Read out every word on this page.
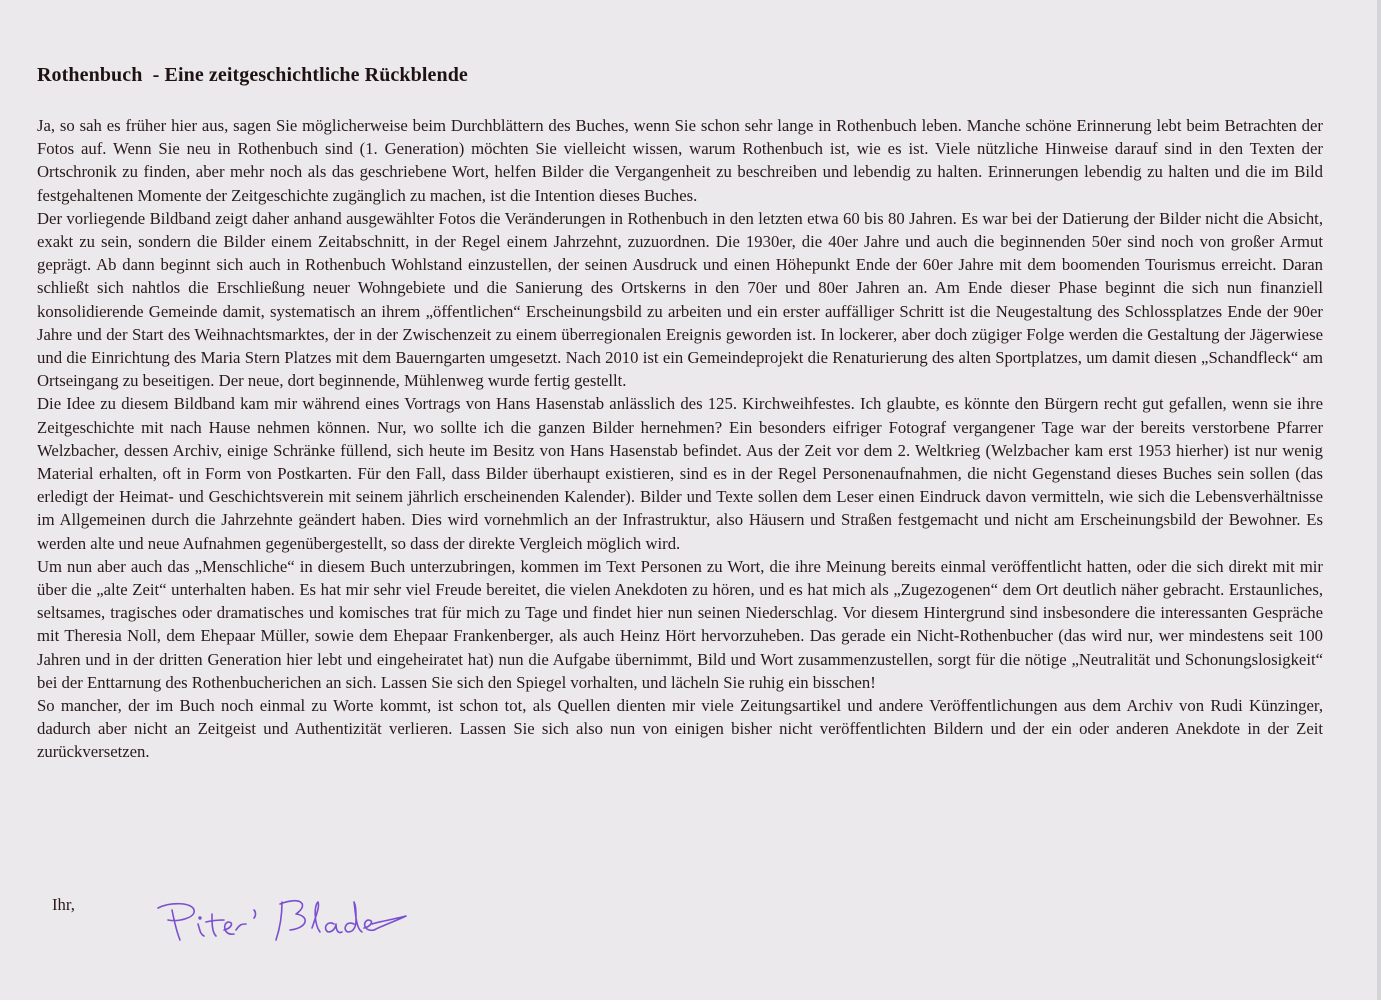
Rothenbuch  - Eine zeitgeschichtliche Rückblende

Ja, so sah es früher hier aus, sagen Sie möglicherweise beim Durchblättern des Buches, wenn Sie schon sehr lange in Rothenbuch leben. Manche schöne Erinnerung lebt beim Betrachten der Fotos auf. Wenn Sie neu in Rothenbuch sind (1. Generation) möchten Sie vielleicht wissen, warum Rothenbuch ist, wie es ist. Viele nützliche Hinweise darauf sind in den Texten der Ortschronik zu finden, aber mehr noch als das geschriebene Wort, helfen Bilder die Vergangenheit zu beschreiben und lebendig zu halten. Erinnerungen lebendig zu halten und die im Bild festgehaltenen Momente der Zeitgeschichte zugänglich zu machen, ist die Intention dieses Buches.

Der vorliegende Bildband zeigt daher anhand ausgewählter Fotos die Veränderungen in Rothenbuch in den letzten etwa 60 bis 80 Jahren. Es war bei der Datierung der Bilder nicht die Absicht, exakt zu sein, sondern die Bilder einem Zeitabschnitt, in der Regel einem Jahrzehnt, zuzuordnen. Die 1930er, die 40er Jahre und auch die beginnenden 50er sind noch von großer Armut geprägt. Ab dann beginnt sich auch in Rothenbuch Wohlstand einzustellen, der seinen Ausdruck und einen Höhepunkt Ende der 60er Jahre mit dem boomenden Tourismus erreicht. Daran schließt sich nahtlos die Erschließung neuer Wohngebiete und die Sanierung des Ortskerns in den 70er und 80er Jahren an. Am Ende dieser Phase beginnt die sich nun finanziell konsolidierende Gemeinde damit, systematisch an ihrem „öffentlichen“ Erscheinungsbild zu arbeiten und ein erster auffälliger Schritt ist die Neugestaltung des Schlossplatzes Ende der 90er Jahre und der Start des Weihnachtsmarktes, der in der Zwischenzeit zu einem überregionalen Ereignis geworden ist. In lockerer, aber doch zügiger Folge werden die Gestaltung der Jägerwiese und die Einrichtung des Maria Stern Platzes mit dem Bauerngarten umgesetzt. Nach 2010 ist ein Gemeindeprojekt die Renaturierung des alten Sportplatzes, um damit diesen „Schandfleck“ am Ortseingang zu beseitigen. Der neue, dort beginnende, Mühlenweg wurde fertig gestellt.

Die Idee zu diesem Bildband kam mir während eines Vortrags von Hans Hasenstab anlässlich des 125. Kirchweihfestes. Ich glaubte, es könnte den Bürgern recht gut gefallen, wenn sie ihre Zeitgeschichte mit nach Hause nehmen können. Nur, wo sollte ich die ganzen Bilder hernehmen? Ein besonders eifriger Fotograf vergangener Tage war der bereits verstorbene Pfarrer Welzbacher, dessen Archiv, einige Schränke füllend, sich heute im Besitz von Hans Hasenstab befindet. Aus der Zeit vor dem 2. Weltkrieg (Welzbacher kam erst 1953 hierher) ist nur wenig Material erhalten, oft in Form von Postkarten. Für den Fall, dass Bilder überhaupt existieren, sind es in der Regel Personenaufnahmen, die nicht Gegenstand dieses Buches sein sollen (das erledigt der Heimat- und Geschichtsverein mit seinem jährlich erscheinenden Kalender). Bilder und Texte sollen dem Leser einen Eindruck davon vermitteln, wie sich die Lebensverhältnisse im Allgemeinen durch die Jahrzehnte geändert haben. Dies wird vornehmlich an der Infrastruktur, also Häusern und Straßen festgemacht und nicht am Erscheinungsbild der Bewohner. Es werden alte und neue Aufnahmen gegenübergestellt, so dass der direkte Vergleich möglich wird.

Um nun aber auch das „Menschliche“ in diesem Buch unterzubringen, kommen im Text Personen zu Wort, die ihre Meinung bereits einmal veröffentlicht hatten, oder die sich direkt mit mir über die „alte Zeit“ unterhalten haben. Es hat mir sehr viel Freude bereitet, die vielen Anekdoten zu hören, und es hat mich als „Zugezogenen“ dem Ort deutlich näher gebracht. Erstaunliches, seltsames, tragisches oder dramatisches und komisches trat für mich zu Tage und findet hier nun seinen Niederschlag. Vor diesem Hintergrund sind insbesondere die interessanten Gespräche mit Theresia Noll, dem Ehepaar Müller, sowie dem Ehepaar Frankenberger, als auch Heinz Hört hervorzuheben. Das gerade ein Nicht-Rothenbucher (das wird nur, wer mindestens seit 100 Jahren und in der dritten Generation hier lebt und eingeheiratet hat) nun die Aufgabe übernimmt, Bild und Wort zusammenzustellen, sorgt für die nötige „Neutralität und Schonungslosigkeit“ bei der Enttarnung des Rothenbucherichen an sich. Lassen Sie sich den Spiegel vorhalten, und lächeln Sie ruhig ein bisschen!

So mancher, der im Buch noch einmal zu Worte kommt, ist schon tot, als Quellen dienten mir viele Zeitungsartikel und andere Veröffentlichungen aus dem Archiv von Rudi Künzinger, dadurch aber nicht an Zeitgeist und Authentizität verlieren. Lassen Sie sich also nun von einigen bisher nicht veröffentlichten Bildern und der ein oder anderen Anekdote in der Zeit zurückversetzen.

Ihr,
